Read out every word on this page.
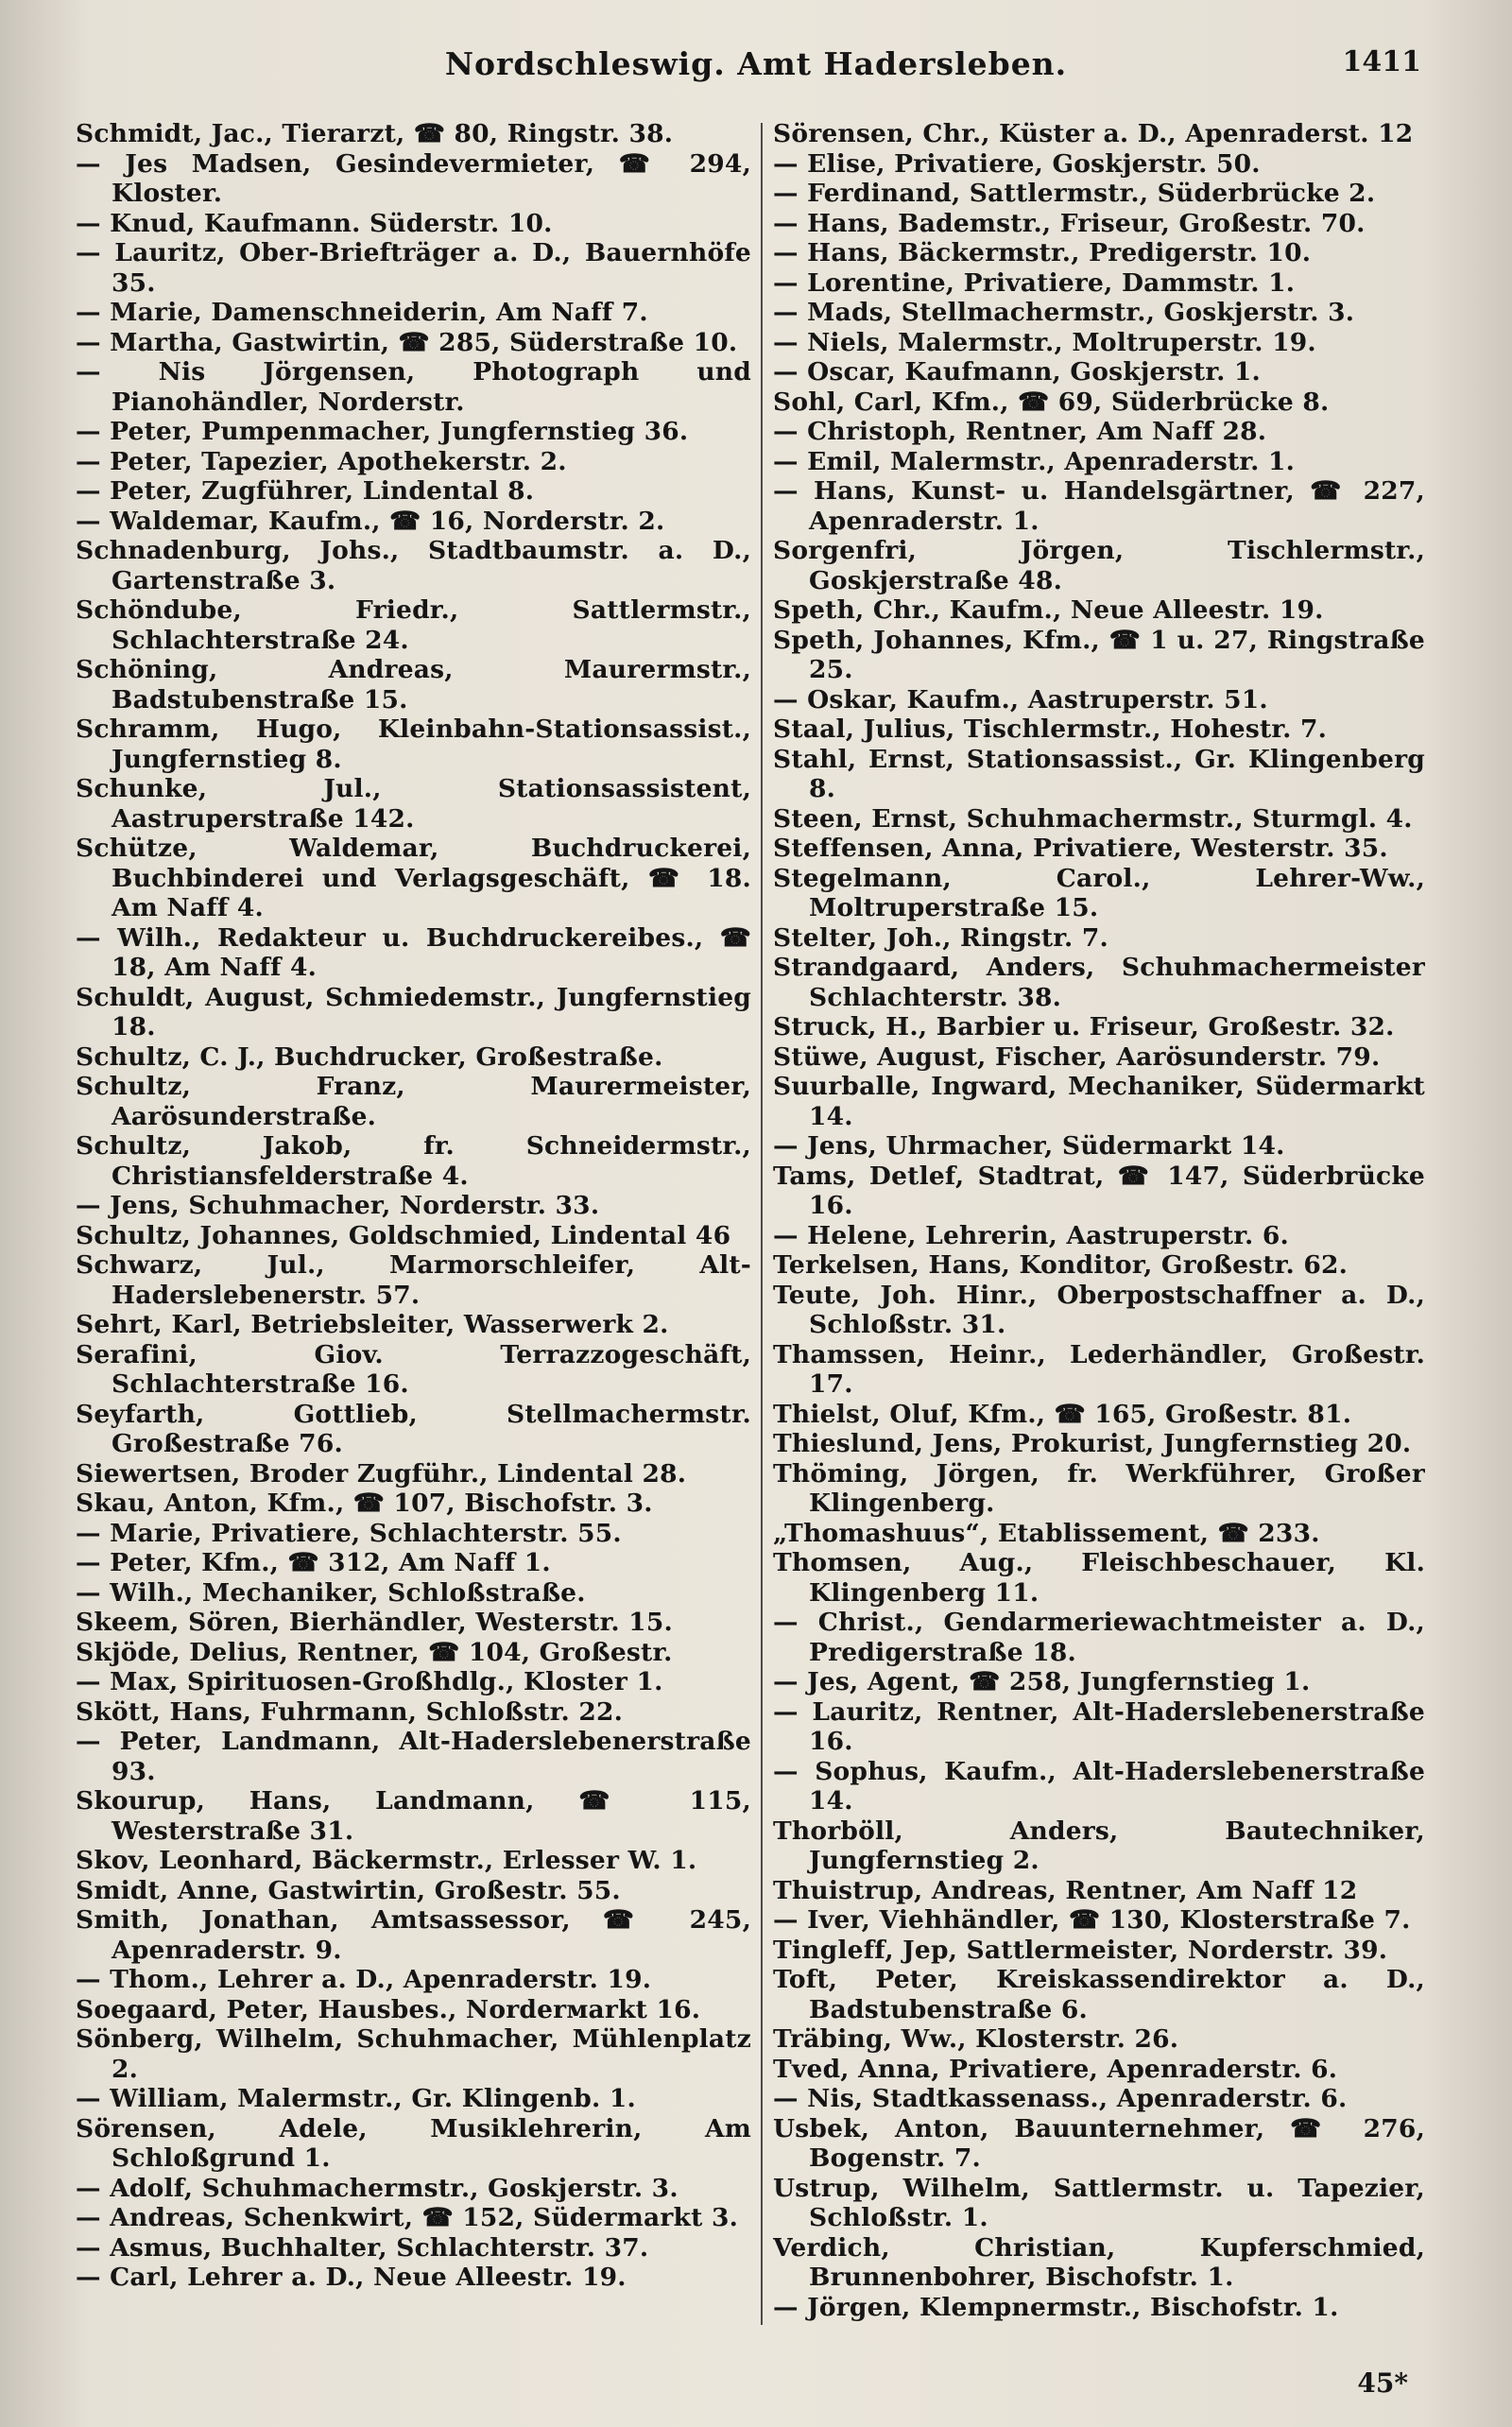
Nordschleswig. Amt Hadersleben.	1411
Schmidt, Jac., Tierarzt, ☎ 80, Ringstr. 38.
— Jes Madsen, Gesindevermieter, ☎ 294, Kloster.
— Knud, Kaufmann. Süderstr. 10.
— Lauritz, Ober-Briefträger a. D., Bauernhöfe 35.
— Marie, Damenschneiderin, Am Naff 7.
— Martha, Gastwirtin, ☎ 285, Süderstraße 10.
— Nis Jörgensen, Photograph und Pianohändler, Norderstr.
— Peter, Pumpenmacher, Jungfernstieg 36.
— Peter, Tapezier, Apothekerstr. 2.
— Peter, Zugführer, Lindental 8.
— Waldemar, Kaufm., ☎ 16, Norderstr. 2.
Schnadenburg, Johs., Stadtbaumstr. a. D., Gartenstraße 3.
Schöndube, Friedr., Sattlermstr., Schlachterstraße 24.
Schöning, Andreas, Maurermstr., Badstubenstraße 15.
Schramm, Hugo, Kleinbahn-Stationsassist., Jungfernstieg 8.
Schunke, Jul., Stationsassistent, Aastruperstraße 142.
Schütze, Waldemar, Buchdruckerei, Buchbinderei und Verlagsgeschäft, ☎ 18. Am Naff 4.
— Wilh., Redakteur u. Buchdruckereibes., ☎ 18, Am Naff 4.
Schuldt, August, Schmiedemstr., Jungfernstieg 18.
Schultz, C. J., Buchdrucker, Großestraße.
Schultz, Franz, Maurermeister, Aarösunderstraße.
Schultz, Jakob, fr. Schneidermstr., Christiansfelderstraße 4.
— Jens, Schuhmacher, Norderstr. 33.
Schultz, Johannes, Goldschmied, Lindental 46
Schwarz, Jul., Marmorschleifer, Alt-Haderslebenerstr. 57.
Sehrt, Karl, Betriebsleiter, Wasserwerk 2.
Serafini, Giov. Terrazzogeschäft, Schlachterstraße 16.
Seyfarth, Gottlieb, Stellmachermstr. Großestraße 76.
Siewertsen, Broder Zugführ., Lindental 28.
Skau, Anton, Kfm., ☎ 107, Bischofstr. 3.
— Marie, Privatiere, Schlachterstr. 55.
— Peter, Kfm., ☎ 312, Am Naff 1.
— Wilh., Mechaniker, Schloßstraße.
Skeem, Sören, Bierhändler, Westerstr. 15.
Skjöde, Delius, Rentner, ☎ 104, Großestr.
— Max, Spirituosen-Großhdlg., Kloster 1.
Skött, Hans, Fuhrmann, Schloßstr. 22.
— Peter, Landmann, Alt-Haderslebenerstraße 93.
Skourup, Hans, Landmann, ☎ 115, Westerstraße 31.
Skov, Leonhard, Bäckermstr., Erlesser W. 1.
Smidt, Anne, Gastwirtin, Großestr. 55.
Smith, Jonathan, Amtsassessor, ☎ 245, Apenraderstr. 9.
— Thom., Lehrer a. D., Apenraderstr. 19.
Soegaard, Peter, Hausbes., Norderмarkt 16.
Sönberg, Wilhelm, Schuhmacher, Mühlenplatz 2.
— William, Malermstr., Gr. Klingenb. 1.
Sörensen, Adele, Musiklehrerin, Am Schloßgrund 1.
— Adolf, Schuhmachermstr., Goskjerstr. 3.
— Andreas, Schenkwirt, ☎ 152, Südermarkt 3.
— Asmus, Buchhalter, Schlachterstr. 37.
— Carl, Lehrer a. D., Neue Alleestr. 19.
Sörensen, Chr., Küster a. D., Apenraderst. 12
— Elise, Privatiere, Goskjerstr. 50.
— Ferdinand, Sattlermstr., Süderbrücke 2.
— Hans, Bademstr., Friseur, Großestr. 70.
— Hans, Bäckermstr., Predigerstr. 10.
— Lorentine, Privatiere, Dammstr. 1.
— Mads, Stellmachermstr., Goskjerstr. 3.
— Niels, Malermstr., Moltruperstr. 19.
— Oscar, Kaufmann, Goskjerstr. 1.
Sohl, Carl, Kfm., ☎ 69, Süderbrücke 8.
— Christoph, Rentner, Am Naff 28.
— Emil, Malermstr., Apenraderstr. 1.
— Hans, Kunst- u. Handelsgärtner, ☎ 227, Apenraderstr. 1.
Sorgenfri, Jörgen, Tischlermstr., Goskjerstraße 48.
Speth, Chr., Kaufm., Neue Alleestr. 19.
Speth, Johannes, Kfm., ☎ 1 u. 27, Ringstraße 25.
— Oskar, Kaufm., Aastruperstr. 51.
Staal, Julius, Tischlermstr., Hohestr. 7.
Stahl, Ernst, Stationsassist., Gr. Klingenberg 8.
Steen, Ernst, Schuhmachermstr., Sturmgl. 4.
Steffensen, Anna, Privatiere, Westerstr. 35.
Stegelmann, Carol., Lehrer-Ww., Moltruperstraße 15.
Stelter, Joh., Ringstr. 7.
Strandgaard, Anders, Schuhmachermeister Schlachterstr. 38.
Struck, H., Barbier u. Friseur, Großestr. 32.
Stüwe, August, Fischer, Aarösunderstr. 79.
Suurballe, Ingward, Mechaniker, Südermarkt 14.
— Jens, Uhrmacher, Südermarkt 14.
Tams, Detlef, Stadtrat, ☎ 147, Süderbrücke 16.
— Helene, Lehrerin, Aastruperstr. 6.
Terkelsen, Hans, Konditor, Großestr. 62.
Teute, Joh. Hinr., Oberpostschaffner a. D., Schloßstr. 31.
Thamssen, Heinr., Lederhändler, Großestr. 17.
Thielst, Oluf, Kfm., ☎ 165, Großestr. 81.
Thieslund, Jens, Prokurist, Jungfernstieg 20.
Thöming, Jörgen, fr. Werkführer, Großer Klingenberg.
„Thomashuus“, Etablissement, ☎ 233.
Thomsen, Aug., Fleischbeschauer, Kl. Klingenberg 11.
— Christ., Gendarmeriewachtmeister a. D., Predigerstraße 18.
— Jes, Agent, ☎ 258, Jungfernstieg 1.
— Lauritz, Rentner, Alt-Haderslebenerstraße 16.
— Sophus, Kaufm., Alt-Haderslebenerstraße 14.
Thorböll, Anders, Bautechniker, Jungfernstieg 2.
Thuistrup, Andreas, Rentner, Am Naff 12
— Iver, Viehhändler, ☎ 130, Klosterstraße 7.
Tingleff, Jep, Sattlermeister, Norderstr. 39.
Toft, Peter, Kreiskassendirektor a. D., Badstubenstraße 6.
Träbing, Ww., Klosterstr. 26.
Tved, Anna, Privatiere, Apenraderstr. 6.
— Nis, Stadtkassenass., Apenraderstr. 6.
Usbek, Anton, Bauunternehmer, ☎ 276, Bogenstr. 7.
Ustrup, Wilhelm, Sattlermstr. u. Tapezier, Schloßstr. 1.
Verdich, Christian, Kupferschmied, Brunnenbohrer, Bischofstr. 1.
— Jörgen, Klempnermstr., Bischofstr. 1.
45*
